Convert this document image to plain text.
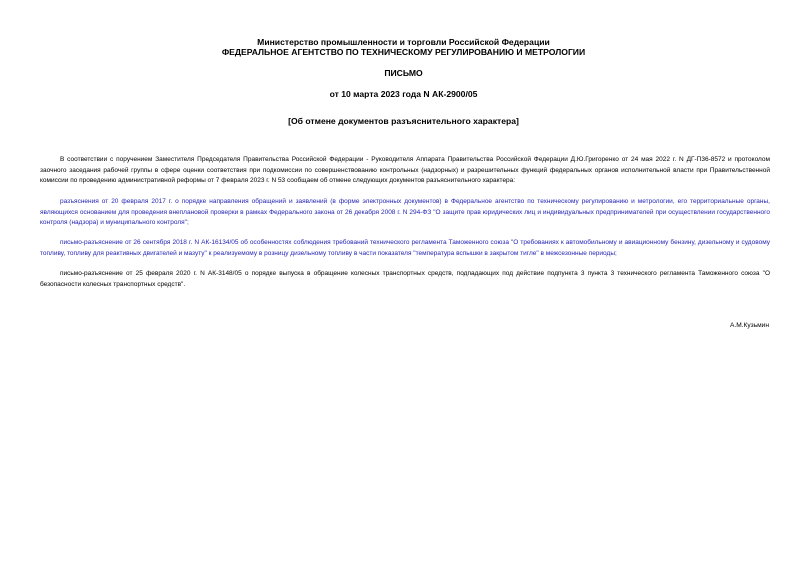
Министерство промышленности и торговли Российской Федерации
ФЕДЕРАЛЬНОЕ АГЕНТСТВО ПО ТЕХНИЧЕСКОМУ РЕГУЛИРОВАНИЮ И МЕТРОЛОГИИ
ПИСЬМО
от 10 марта 2023 года N АК-2900/05
[Об отмене документов разъяснительного характера]
В соответствии с поручением Заместителя Председателя Правительства Российской Федерации - Руководителя Аппарата Правительства Российской Федерации Д.Ю.Григоренко от 24 мая 2022 г. N ДГ-П36-8572 и протоколом заочного заседания рабочей группы в сфере оценки соответствия при подкомиссии по совершенствованию контрольных (надзорных) и разрешительных функций федеральных органов исполнительной власти при Правительственной комиссии по проведению административной реформы от 7 февраля 2023 г. N 53 сообщаем об отмене следующих документов разъяснительного характера:
разъяснения от 20 февраля 2017 г. о порядке направления обращений и заявлений (в форме электронных документов) в Федеральное агентство по техническому регулированию и метрологии, его территориальные органы, являющихся основанием для проведения внеплановой проверки в рамках Федерального закона от 26 декабря 2008 г. N 294-ФЗ "О защите прав юридических лиц и индивидуальных предпринимателей при осуществлении государственного контроля (надзора) и муниципального контроля";
письмо-разъяснение от 26 сентября 2018 г. N АК-16134/05 об особенностях соблюдения требований технического регламента Таможенного союза "О требованиях к автомобильному и авиационному бензину, дизельному и судовому топливу, топливу для реактивных двигателей и мазуту" к реализуемому в розницу дизельному топливу в части показателя "температура вспышки в закрытом тигле" в межсезонные периоды;
письмо-разъяснение от 25 февраля 2020 г. N АК-3148/05 о порядке выпуска в обращение колесных транспортных средств, подпадающих под действие подпункта 3 пункта 3 технического регламента Таможенного союза "О безопасности колесных транспортных средств".
А.М.Кузьмин
